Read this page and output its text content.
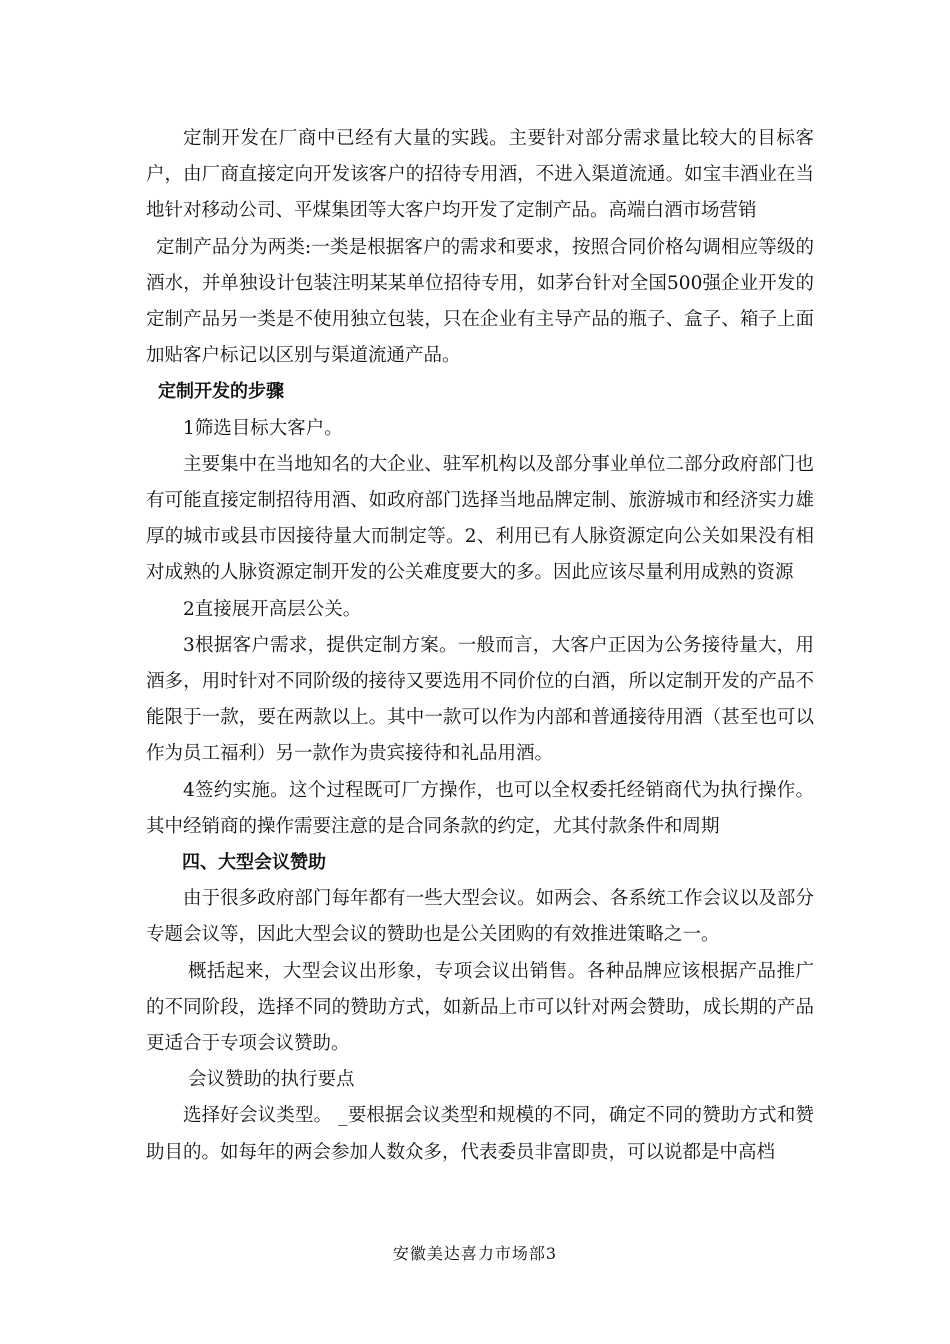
定制开发在厂商中已经有大量的实践。主要针对部分需求量比较大的目标客户，由厂商直接定向开发该客户的招待专用酒，不进入渠道流通。如宝丰酒业在当地针对移动公司、平煤集团等大客户均开发了定制产品。高端白酒市场营销

定制产品分为两类:一类是根据客户的需求和要求，按照合同价格勾调相应等级的酒水，并单独设计包装注明某某单位招待专用，如茅台针对全国500强企业开发的定制产品另一类是不使用独立包装，只在企业有主导产品的瓶子、盒子、箱子上面加贴客户标记以区别与渠道流通产品。

定制开发的步骤

1筛选目标大客户。

主要集中在当地知名的大企业、驻军机构以及部分事业单位二部分政府部门也有可能直接定制招待用酒、如政府部门选择当地品牌定制、旅游城市和经济实力雄厚的城市或县市因接待量大而制定等。2、利用已有人脉资源定向公关如果没有相对成熟的人脉资源定制开发的公关难度要大的多。因此应该尽量利用成熟的资源

2直接展开高层公关。

3根据客户需求，提供定制方案。一般而言，大客户正因为公务接待量大，用酒多，用时针对不同阶级的接待又要选用不同价位的白酒，所以定制开发的产品不能限于一款，要在两款以上。其中一款可以作为内部和普通接待用酒（甚至也可以作为员工福利）另一款作为贵宾接待和礼品用酒。

4签约实施。这个过程既可厂方操作，也可以全权委托经销商代为执行操作。其中经销商的操作需要注意的是合同条款的约定，尤其付款条件和周期

四、大型会议赞助

由于很多政府部门每年都有一些大型会议。如两会、各系统工作会议以及部分专题会议等，因此大型会议的赞助也是公关团购的有效推进策略之一。

概括起来，大型会议出形象，专项会议出销售。各种品牌应该根据产品推广的不同阶段，选择不同的赞助方式，如新品上市可以针对两会赞助，成长期的产品更适合于专项会议赞助。

会议赞助的执行要点

选择好会议类型。 _要根据会议类型和规模的不同，确定不同的赞助方式和赞助目的。如每年的两会参加人数众多，代表委员非富即贵，可以说都是中高档

安徽美达喜力市场部3
